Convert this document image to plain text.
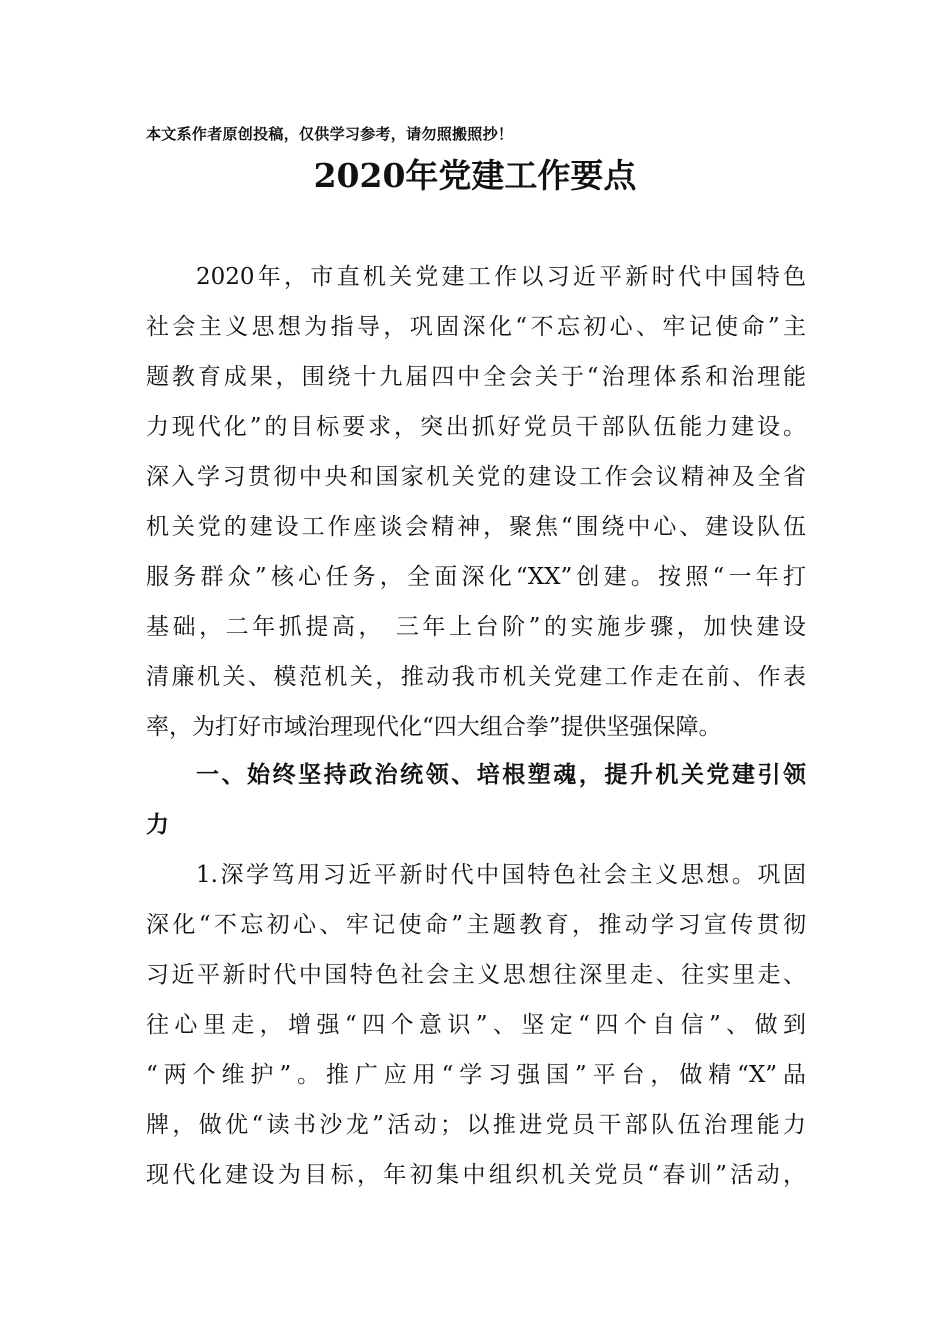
本文系作者原创投稿，仅供学习参考，请勿照搬照抄！
2020年党建工作要点
2020年，市直机关党建工作以习近平新时代中国特色
社会主义思想为指导，巩固深化“不忘初心、牢记使命”主
题教育成果，围绕十九届四中全会关于“治理体系和治理能
力现代化”的目标要求，突出抓好党员干部队伍能力建设。
深入学习贯彻中央和国家机关党的建设工作会议精神及全省
机关党的建设工作座谈会精神，聚焦“围绕中心、建设队伍
服务群众”核心任务，全面深化“XX”创建。按照“一年打
基础，二年抓提高， 三年上台阶”的实施步骤，加快建设
清廉机关、模范机关，推动我市机关党建工作走在前、作表
率，为打好市域治理现代化“四大组合拳”提供坚强保障。
一、始终坚持政治统领、培根塑魂，提升机关党建引领
力
1.深学笃用习近平新时代中国特色社会主义思想。巩固
深化“不忘初心、牢记使命”主题教育，推动学习宣传贯彻
习近平新时代中国特色社会主义思想往深里走、往实里走、
往心里走，增强“四个意识”、坚定“四个自信”、做到
“两个维护”。推广应用“学习强国”平台，做精“X”品
牌，做优“读书沙龙”活动；以推进党员干部队伍治理能力
现代化建设为目标，年初集中组织机关党员“春训”活动，
